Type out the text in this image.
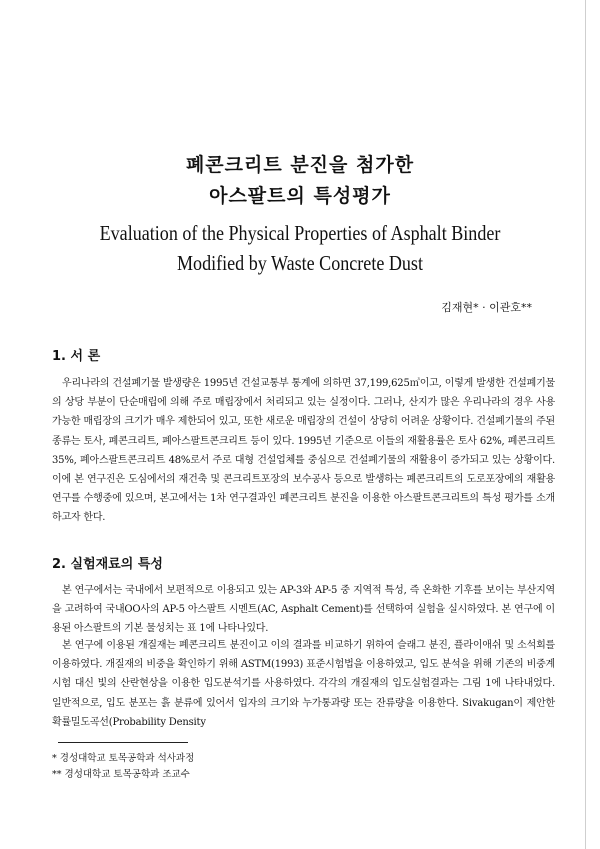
폐콘크리트 분진을 첨가한
아스팔트의 특성평가
Evaluation of the Physical Properties of Asphalt Binder
Modified by Waste Concrete Dust
김재현* · 이관호**
1. 서 론

우리나라의 건설폐기물 발생량은 1995년 건설교통부 통계에 의하면 37,199,625㎥이고, 이렇게 발생한 건설폐기물의 상당 부분이 단순매립에 의해 주로 매립장에서 처리되고 있는 실정이다. 그러나, 산지가 많은 우리나라의 경우 사용 가능한 매립장의 크기가 매우 제한되어 있고, 또한 새로운 매립장의 건설이 상당히 어려운 상황이다. 건설폐기물의 주된 종류는 토사, 폐콘크리트, 폐아스팔트콘크리트 등이 있다. 1995년 기준으로 이들의 재활용률은 토사 62%, 폐콘크리트 35%, 폐아스팔트콘크리트 48%로서 주로 대형 건설업체를 중심으로 건설폐기물의 재활용이 증가되고 있는 상황이다. 이에 본 연구진은 도심에서의 재건축 및 콘크리트포장의 보수공사 등으로 발생하는 폐콘크리트의 도로포장에의 재활용연구를 수행중에 있으며, 본고에서는 1차 연구결과인 폐콘크리트 분진을 이용한 아스팔트콘크리트의 특성 평가를 소개하고자 한다.

2. 실험재료의 특성

본 연구에서는 국내에서 보편적으로 이용되고 있는 AP-3와 AP-5 중 지역적 특성, 즉 온화한 기후를 보이는 부산지역을 고려하여 국내OO사의 AP-5 아스팔트 시멘트(AC, Asphalt Cement)를 선택하여 실험을 실시하였다. 본 연구에 이용된 아스팔트의 기본 물성치는 표 1에 나타나있다.

본 연구에 이용된 개질재는 폐콘크리트 분진이고 이의 결과를 비교하기 위하여 슬래그 분진, 플라이애쉬 및 소석회를 이용하였다. 개질재의 비중을 확인하기 위해 ASTM(1993) 표준시험법을 이용하였고, 입도 분석을 위해 기존의 비중계시험 대신 빛의 산란현상을 이용한 입도분석기를 사용하였다. 각각의 개질재의 입도실험결과는 그림 1에 나타내었다. 일반적으로, 입도 분포는 흙 분류에 있어서 입자의 크기와 누가통과량 또는 잔류량을 이용한다. Sivakugan이 제안한 확률밀도곡선(Probability Density

* 경성대학교 토목공학과 석사과정
** 경성대학교 토목공학과 조교수
